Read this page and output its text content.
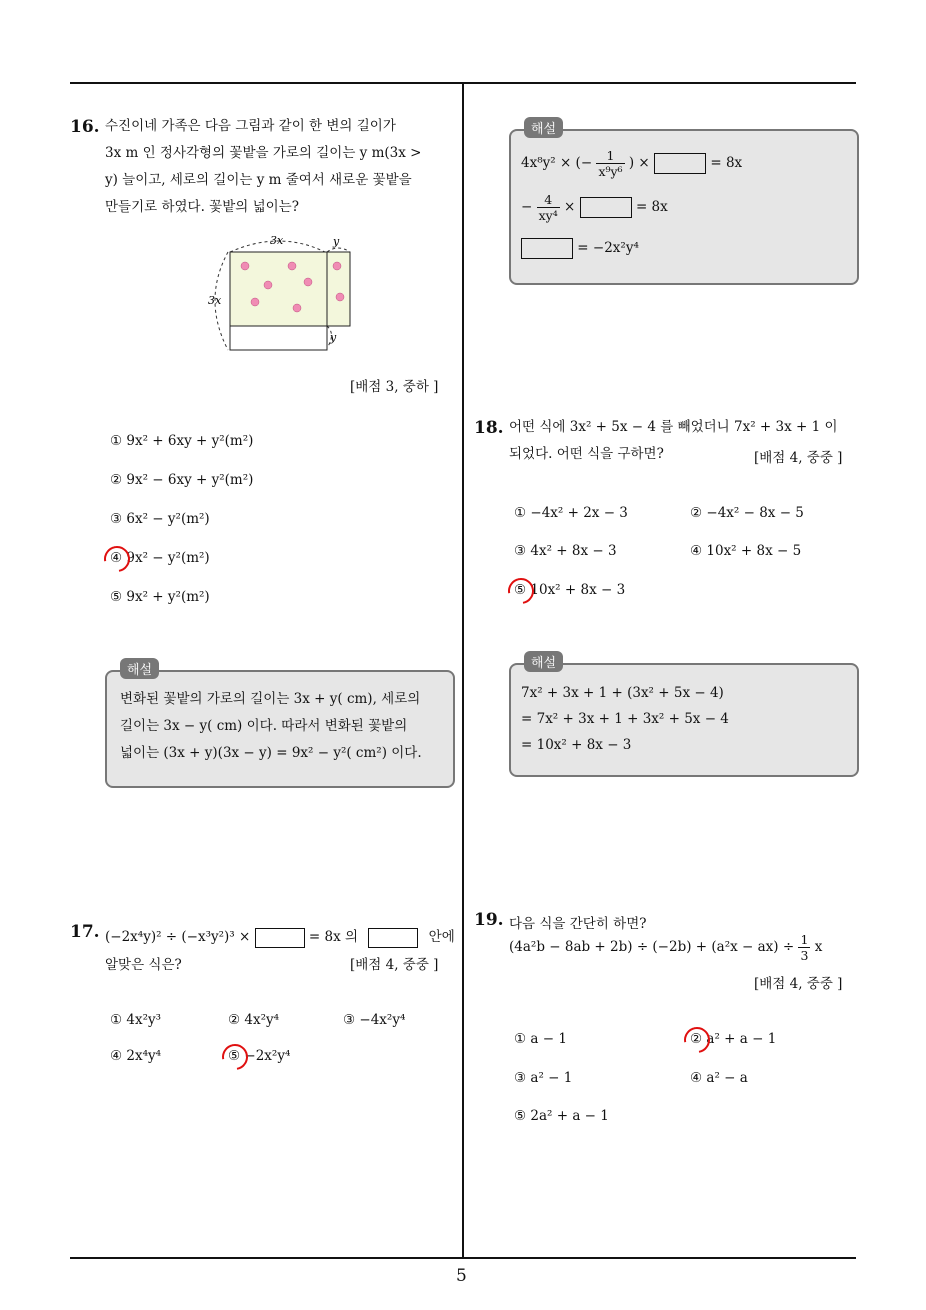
5
16. 수진이네 가족은 다음 그림과 같이 한 변의 길이가
3x m 인 정사각형의 꽃밭을 가로의 길이는 y m(3x >
y) 늘이고, 세로의 길이는 y m 줄여서 새로운 꽃밭을
만들기로 하였다. 꽃밭의 넓이는?
3x	y
3x
y
[배점 3, 중하 ]
① 9x² + 6xy + y²(m²)
② 9x² − 6xy + y²(m²)
③ 6x² − y²(m²)
④ 9x² − y²(m²)
⑤ 9x² + y²(m²)
해설
변화된 꽃밭의 가로의 길이는 3x + y( cm), 세로의
길이는 3x − y( cm) 이다. 따라서 변화된 꽃밭의
넓이는 (3x + y)(3x − y) = 9x² − y²( cm²) 이다.
17. (−2x⁴y)² ÷ (−x³y²)³ ×	= 8x 의	안에
알맞은 식은?	[배점 4, 중중 ]
① 4x²y³	② 4x²y⁴	③ −4x²y⁴
④ 2x⁴y⁴	⑤ −2x²y⁴
해설
4x⁸y² × (− $\frac{1}{\text{x⁹y⁶}}$ ) ×	= 8x
− $\frac{4}{\text{xy⁴}}$ ×	= 8x
= −2x²y⁴
18. 어떤 식에 3x² + 5x − 4 를 빼었더니 7x² + 3x + 1 이
되었다. 어떤 식을 구하면?	[배점 4, 중중 ]
① −4x² + 2x − 3	② −4x² − 8x − 5
③ 4x² + 8x − 3	④ 10x² + 8x − 5
⑤ 10x² + 8x − 3
해설
7x² + 3x + 1 + (3x² + 5x − 4)
= 7x² + 3x + 1 + 3x² + 5x − 4
= 10x² + 8x − 3
19. 다음 식을 간단히 하면?
$(4a^2b - 8ab + 2b) \div (-2b) + (a^2x - ax) \div \frac{1}{3}$ x
[배점 4, 중중 ]
① a − 1	② a² + a − 1
③ a² − 1	④ a² − a
⑤ 2a² + a − 1
